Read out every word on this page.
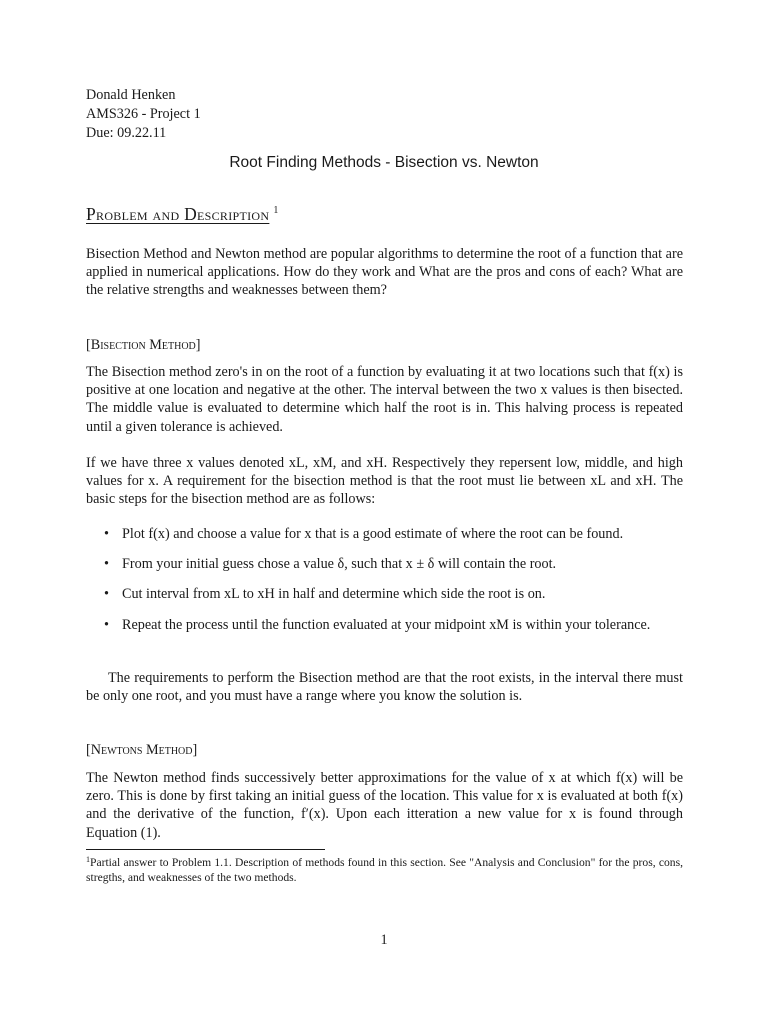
Donald Henken
AMS326 - Project 1
Due: 09.22.11
Root Finding Methods - Bisection vs. Newton
Problem and Description $^1$

Bisection Method and Newton method are popular algorithms to determine the root of a function that are applied in numerical applications. How do they work and What are the pros and cons of each? What are the relative strengths and weaknesses between them?

[Bisection Method]

The Bisection method zero's in on the root of a function by evaluating it at two locations such that f(x) is positive at one location and negative at the other. The interval between the two x values is then bisected. The middle value is evaluated to determine which half the root is in. This halving process is repeated until a given tolerance is achieved.

If we have three x values denoted xL, xM, and xH. Respectively they repersent low, middle, and high values for x. A requirement for the bisection method is that the root must lie between xL and xH. The basic steps for the bisection method are as follows:

• Plot f(x) and choose a value for x that is a good estimate of where the root can be found.
• From your initial guess chose a value δ, such that x ± δ will contain the root.
• Cut interval from xL to xH in half and determine which side the root is on.
• Repeat the process until the function evaluated at your midpoint xM is within your tolerance.

The requirements to perform the Bisection method are that the root exists, in the interval there must be only one root, and you must have a range where you know the solution is.

[Newtons Method]

The Newton method finds successively better approximations for the value of x at which f(x) will be zero. This is done by first taking an initial guess of the location. This value for x is evaluated at both f(x) and the derivative of the function, f′(x). Upon each itteration a new value for x is found through Equation (1).

$^1$Partial answer to Problem 1.1. Description of methods found in this section. See "Analysis and Conclusion" for the pros, cons, stregths, and weaknesses of the two methods.
1
